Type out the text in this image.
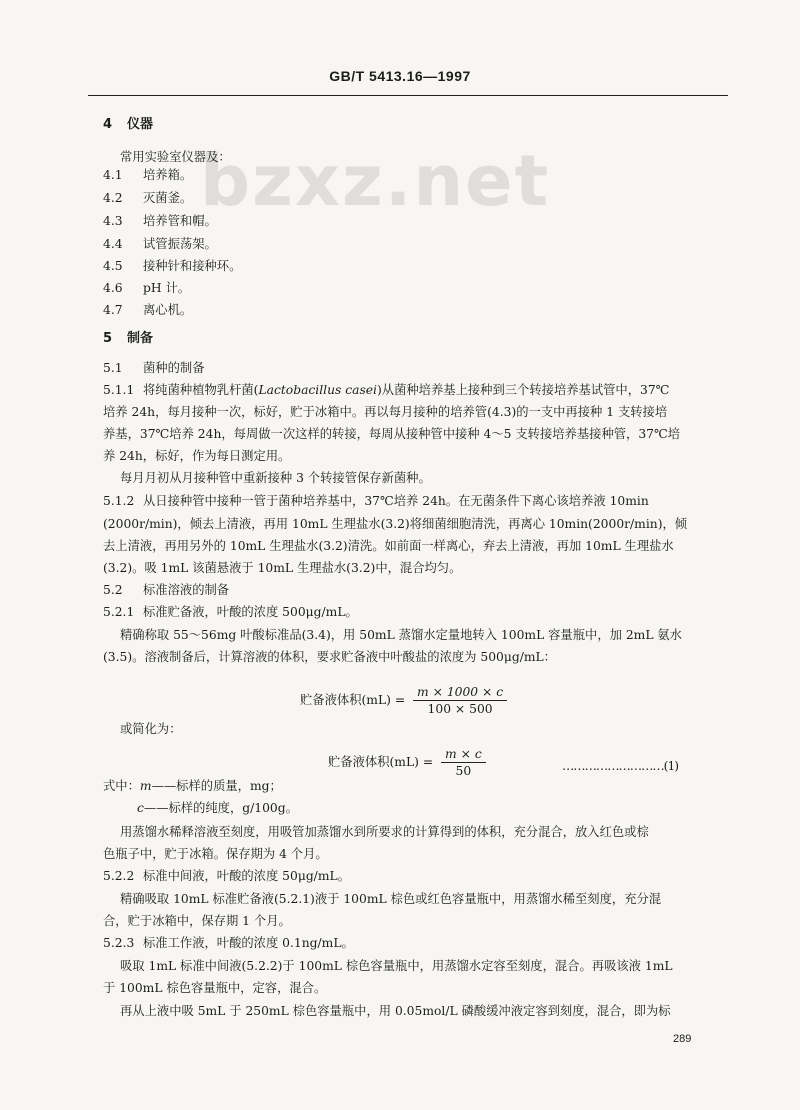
GB/T 5413.16—1997
bzxz.net
4 仪器
常用实验室仪器及：
4.1 培养箱。
4.2 灭菌釜。
4.3 培养管和帽。
4.4 试管振荡架。
4.5 接种针和接种环。
4.6 pH 计。
4.7 离心机。
5 制备
5.1 菌种的制备
5.1.1 将纯菌种植物乳杆菌(Lactobacillus casei)从菌种培养基上接种到三个转接培养基试管中，37℃
培养 24h，每月接种一次，标好，贮于冰箱中。再以每月接种的培养管(4.3)的一支中再接种 1 支转接培
养基，37℃培养 24h，每周做一次这样的转接，每周从接种管中接种 4～5 支转接培养基接种管，37℃培
养 24h，标好，作为每日测定用。
每月月初从月接种管中重新接种 3 个转接管保存新菌种。
5.1.2 从日接种管中接种一管于菌种培养基中，37℃培养 24h。在无菌条件下离心该培养液 10min
(2000r/min)，倾去上清液，再用 10mL 生理盐水(3.2)将细菌细胞清洗，再离心 10min(2000r/min)，倾
去上清液，再用另外的 10mL 生理盐水(3.2)清洗。如前面一样离心，弃去上清液，再加 10mL 生理盐水
(3.2)。吸 1mL 该菌悬液于 10mL 生理盐水(3.2)中，混合均匀。
5.2 标准溶液的制备
5.2.1 标准贮备液，叶酸的浓度 500μg/mL。
精确称取 55～56mg 叶酸标准品(3.4)，用 50mL 蒸馏水定量地转入 100mL 容量瓶中，加 2mL 氨水
(3.5)。溶液制备后，计算溶液的体积，要求贮备液中叶酸盐的浓度为 500μg/mL：
贮备液体积$(mL) = \frac{m \times 1000 \times c}{100 \times 500}$
或简化为：
贮备液体积$(mL) = \frac{m \times c}{50}$	………………………(1)
式中：m——标样的质量，mg；
c——标样的纯度，g/100g。
用蒸馏水稀释溶液至刻度，用吸管加蒸馏水到所要求的计算得到的体积，充分混合，放入红色或棕
色瓶子中，贮于冰箱。保存期为 4 个月。
5.2.2 标准中间液，叶酸的浓度 50μg/mL。
精确吸取 10mL 标准贮备液(5.2.1)液于 100mL 棕色或红色容量瓶中，用蒸馏水稀至刻度，充分混
合，贮于冰箱中，保存期 1 个月。
5.2.3 标准工作液，叶酸的浓度 0.1ng/mL。
吸取 1mL 标准中间液(5.2.2)于 100mL 棕色容量瓶中，用蒸馏水定容至刻度，混合。再吸该液 1mL
于 100mL 棕色容量瓶中，定容，混合。
再从上液中吸 5mL 于 250mL 棕色容量瓶中，用 0.05mol/L 磷酸缓冲液定容到刻度，混合，即为标
289
